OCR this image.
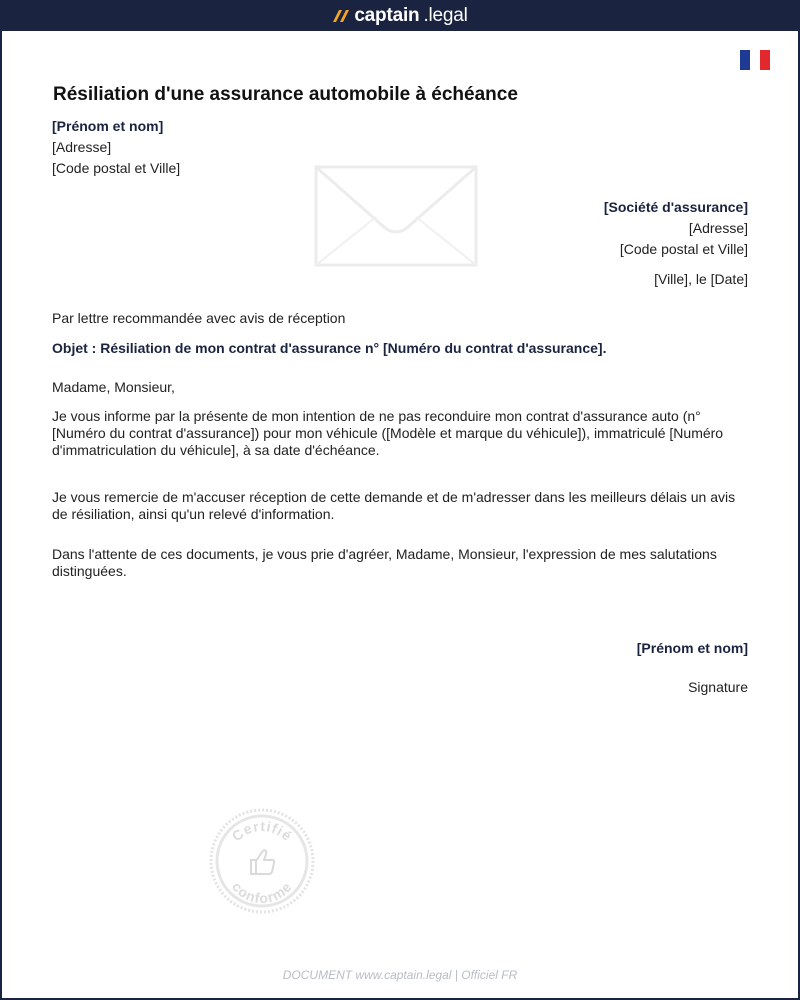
captain .legal
Résiliation d'une assurance automobile à échéance
[Prénom et nom]
[Adresse]
[Code postal et Ville]
[Société d'assurance]
[Adresse]
[Code postal et Ville]
[Ville], le [Date]
Par lettre recommandée avec avis de réception
Objet : Résiliation de mon contrat d'assurance n° [Numéro du contrat d'assurance].
Madame, Monsieur,

Je vous informe par la présente de mon intention de ne pas reconduire mon contrat d'assurance auto (n° [Numéro du contrat d'assurance]) pour mon véhicule ([Modèle et marque du véhicule]), immatriculé [Numéro d'immatriculation du véhicule], à sa date d'échéance.

Je vous remercie de m'accuser réception de cette demande et de m'adresser dans les meilleurs délais un avis de résiliation, ainsi qu'un relevé d'information.

Dans l'attente de ces documents, je vous prie d'agréer, Madame, Monsieur, l'expression de mes salutations distinguées.

[Prénom et nom]
Signature
Certifié
conforme
DOCUMENT www.captain.legal | Officiel FR
